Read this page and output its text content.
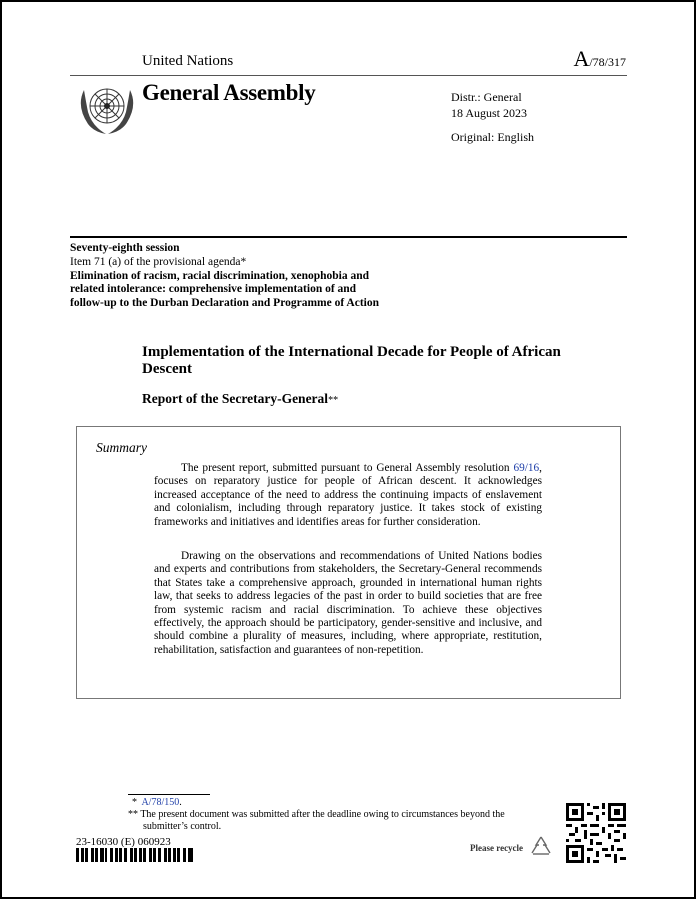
United Nations	A/78/317
General Assembly	Distr.: General
18 August 2023
Original: English
Seventy-eighth session
Item 71 (a) of the provisional agenda*
Elimination of racism, racial discrimination, xenophobia and related intolerance: comprehensive implementation of and follow-up to the Durban Declaration and Programme of Action
Implementation of the International Decade for People of African Descent
Report of the Secretary-General**
Summary
The present report, submitted pursuant to General Assembly resolution 69/16, focuses on reparatory justice for people of African descent. It acknowledges increased acceptance of the need to address the continuing impacts of enslavement and colonialism, including through reparatory justice. It takes stock of existing frameworks and initiatives and identifies areas for further consideration.
Drawing on the observations and recommendations of United Nations bodies and experts and contributions from stakeholders, the Secretary-General recommends that States take a comprehensive approach, grounded in international human rights law, that seeks to address legacies of the past in order to build societies that are free from systemic racism and racial discrimination. To achieve these objectives effectively, the approach should be participatory, gender-sensitive and inclusive, and should combine a plurality of measures, including, where appropriate, restitution, rehabilitation, satisfaction and guarantees of non-repetition.
* A/78/150.
** The present document was submitted after the deadline owing to circumstances beyond the
submitter’s control.
23-16030 (E) 060923	Please recycle
